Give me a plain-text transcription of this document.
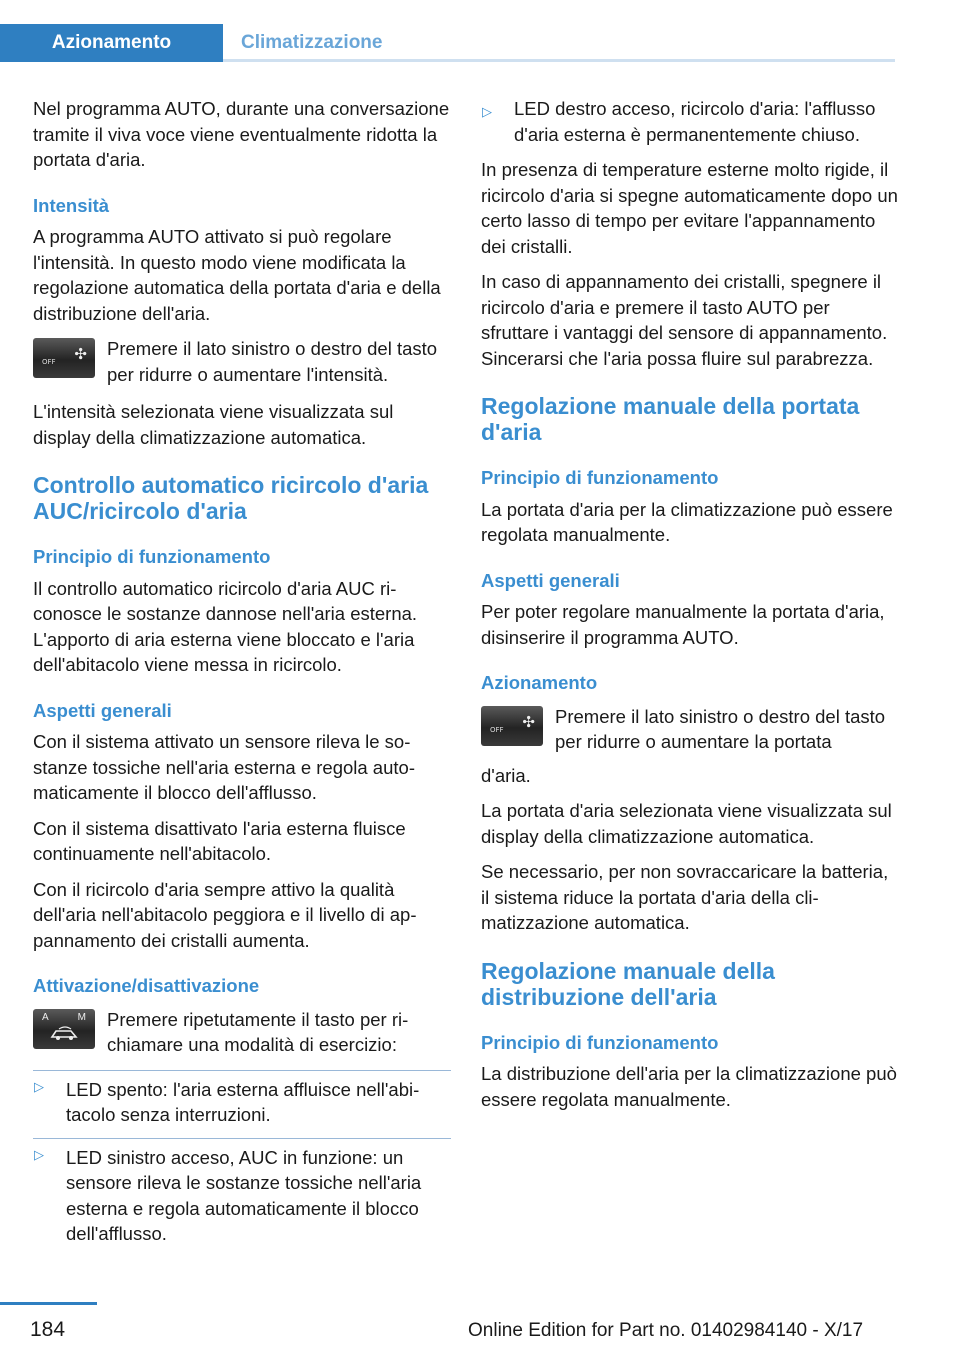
Azionamento	Climatizzazione

Nel programma AUTO, durante una conversazione tramite il viva voce viene eventualmente ridotta la portata d'aria.

Intensità

A programma AUTO attivato si può regolare l'intensità. In questo modo viene modificata la regolazione automatica della portata d'aria e della distribuzione dell'aria.

OFF ✣ Premere il lato sinistro o destro del tasto per ridurre o aumentare l'intensità.

L'intensità selezionata viene visualizzata sul display della climatizzazione automatica.

Controllo automatico ricircolo d'aria AUC/ricircolo d'aria
Principio di funzionamento

Il controllo automatico ricircolo d'aria AUC riconosce le sostanze dannose nell'aria esterna. L'apporto di aria esterna viene bloccato e l'aria dell'abitacolo viene messa in ricircolo.

Aspetti generali

Con il sistema attivato un sensore rileva le sostanze tossiche nell'aria esterna e regola automaticamente il blocco dell'afflusso.

Con il sistema disattivato l'aria esterna fluisce continuamente nell'abitacolo.

Con il ricircolo d'aria sempre attivo la qualità dell'aria nell'abitacolo peggiora e il livello di appannamento dei cristalli aumenta.

Attivazione/disattivazione
A	M Premere ripetutamente il tasto per richiamare una modalità di esercizio:
▷ LED spento: l'aria esterna affluisce nell'abitacolo senza interruzioni.
▷ LED sinistro acceso, AUC in funzione: un sensore rileva le sostanze tossiche nell'aria esterna e regola automaticamente il blocco dell'afflusso.
▷ LED destro acceso, ricircolo d'aria: l'afflusso d'aria esterna è permanentemente chiuso.

In presenza di temperature esterne molto rigide, il ricircolo d'aria si spegne automaticamente dopo un certo lasso di tempo per evitare l'appannamento dei cristalli.

In caso di appannamento dei cristalli, spegnere il ricircolo d'aria e premere il tasto AUTO per sfruttare i vantaggi del sensore di appannamento. Sincerarsi che l'aria possa fluire sul parabrezza.

Regolazione manuale della portata d'aria
Principio di funzionamento

La portata d'aria per la climatizzazione può essere regolata manualmente.

Aspetti generali

Per poter regolare manualmente la portata d'aria, disinserire il programma AUTO.

Azionamento
OFF ✣ Premere il lato sinistro o destro del tasto per ridurre o aumentare la portata

d'aria.

La portata d'aria selezionata viene visualizzata sul display della climatizzazione automatica.

Se necessario, per non sovraccaricare la batteria, il sistema riduce la portata d'aria della climatizzazione automatica.

Regolazione manuale della distribuzione dell'aria
Principio di funzionamento

La distribuzione dell'aria per la climatizzazione può essere regolata manualmente.

184	Online Edition for Part no. 01402984140 - X/17
